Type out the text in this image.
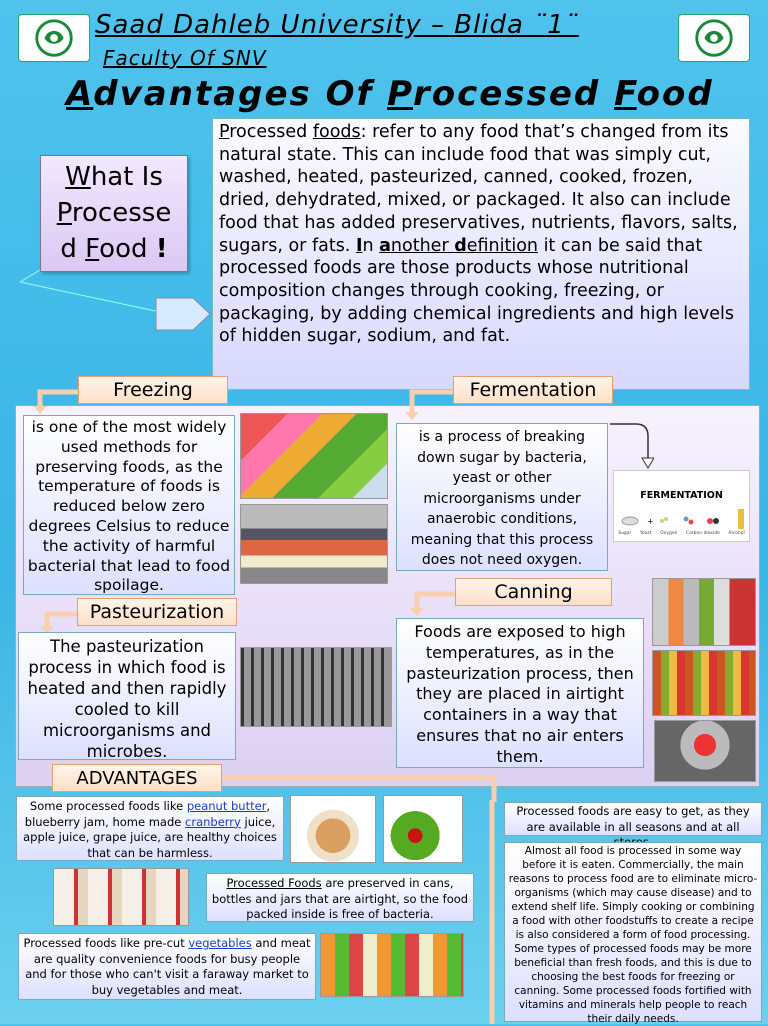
Saad Dahleb University – Blida ¨1¨
Faculty Of SNV
Advantages Of Processed Food
What Is
Processe
d Food !
Processed foods: refer to any food that’s changed from its natural state. This can include food that was simply cut, washed, heated, pasteurized, canned, cooked, frozen, dried, dehydrated, mixed, or packaged. It also can include food that has added preservatives, nutrients, flavors, salts, sugars, or fats. In another definition it can be said that processed foods are those products whose nutritional composition changes through cooking, freezing, or packaging, by adding chemical ingredients and high levels of hidden sugar, sodium, and fat.
Freezing
is one of the most widely used methods for preserving foods, as the temperature of foods is reduced below zero degrees Celsius to reduce the activity of harmful bacterial that lead to food spoilage.
Fermentation
is a process of breaking down sugar by bacteria, yeast or other microorganisms under anaerobic conditions, meaning that this process does not need oxygen.
FERMENTATION
+
Sugar Yeast Oxygen Carbon dioxide Alcohol
Pasteurization
The pasteurization process in which food is heated and then rapidly cooled to kill microorganisms and microbes.
Canning
Foods are exposed to high temperatures, as in the pasteurization process, then they are placed in airtight containers in a way that ensures that no air enters them.
ADVANTAGES
Some processed foods like peanut butter, blueberry jam, home made cranberry juice, apple juice, grape juice, are healthy choices that can be harmless.
Processed Foods are preserved in cans, bottles and jars that are airtight, so the food packed inside is free of bacteria.
Processed foods like pre-cut vegetables and meat are quality convenience foods for busy people and for those who can't visit a faraway market to buy vegetables and meat.
Processed foods are easy to get, as they are available in all seasons and at all
Almost all food is processed in some way before it is eaten. Commercially, the main reasons to process food are to eliminate micro-organisms (which may cause disease) and to extend shelf life. Simply cooking or combining a food with other foodstuffs to create a recipe is also considered a form of food processing. Some types of processed foods may be more beneficial than fresh foods, and this is due to choosing the best foods for freezing or canning. Some processed foods fortified with vitamins and minerals help people to reach their daily needs.
